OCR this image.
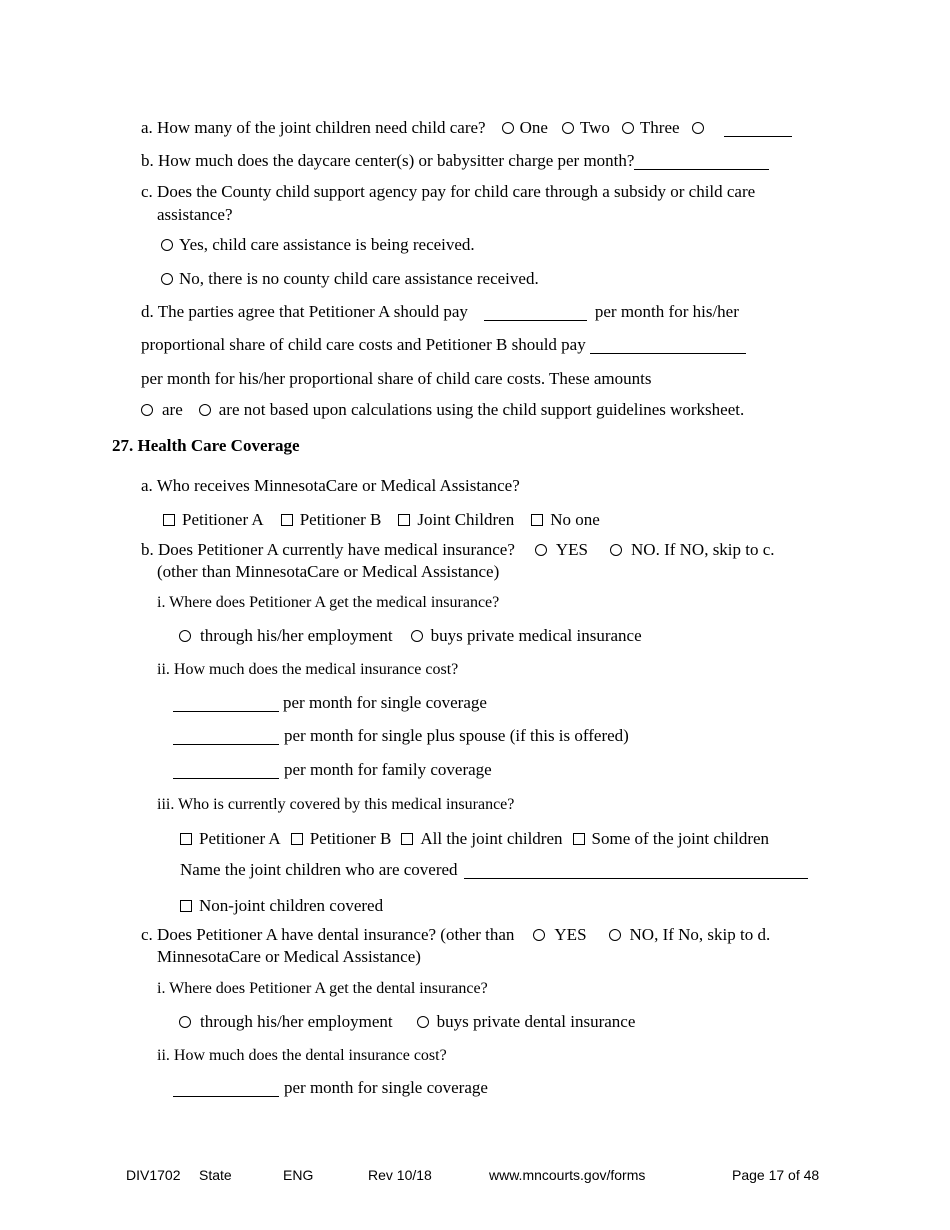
a. How many of the joint children need child care? One Two Three
b. How much does the daycare center(s) or babysitter charge per month?
c. Does the County child support agency pay for child care through a subsidy or child care
assistance?
Yes, child care assistance is being received.
No, there is no county child care assistance received.
d. The parties agree that Petitioner A should pay	per month for his/her
proportional share of child care costs and Petitioner B should pay
per month for his/her proportional share of child care costs. These amounts
are are not based upon calculations using the child support guidelines worksheet.
27. Health Care Coverage
a. Who receives MinnesotaCare or Medical Assistance?
Petitioner A Petitioner B Joint Children No one
b. Does Petitioner A currently have medical insurance? YES	NO. If NO, skip to c.
(other than MinnesotaCare or Medical Assistance)
i. Where does Petitioner A get the medical insurance?
through his/her employment buys private medical insurance
ii. How much does the medical insurance cost?
per month for single coverage
per month for single plus spouse (if this is offered)
per month for family coverage
iii. Who is currently covered by this medical insurance?
Petitioner A Petitioner B All the joint children Some of the joint children
Name the joint children who are covered
Non-joint children covered
c. Does Petitioner A have dental insurance? (other than YES	NO, If No, skip to d.
MinnesotaCare or Medical Assistance)
i. Where does Petitioner A get the dental insurance?
through his/her employment	buys private dental insurance
ii. How much does the dental insurance cost?
per month for single coverage
DIV1702 State	ENG	Rev 10/18	www.mncourts.gov/forms	Page 17 of 48
